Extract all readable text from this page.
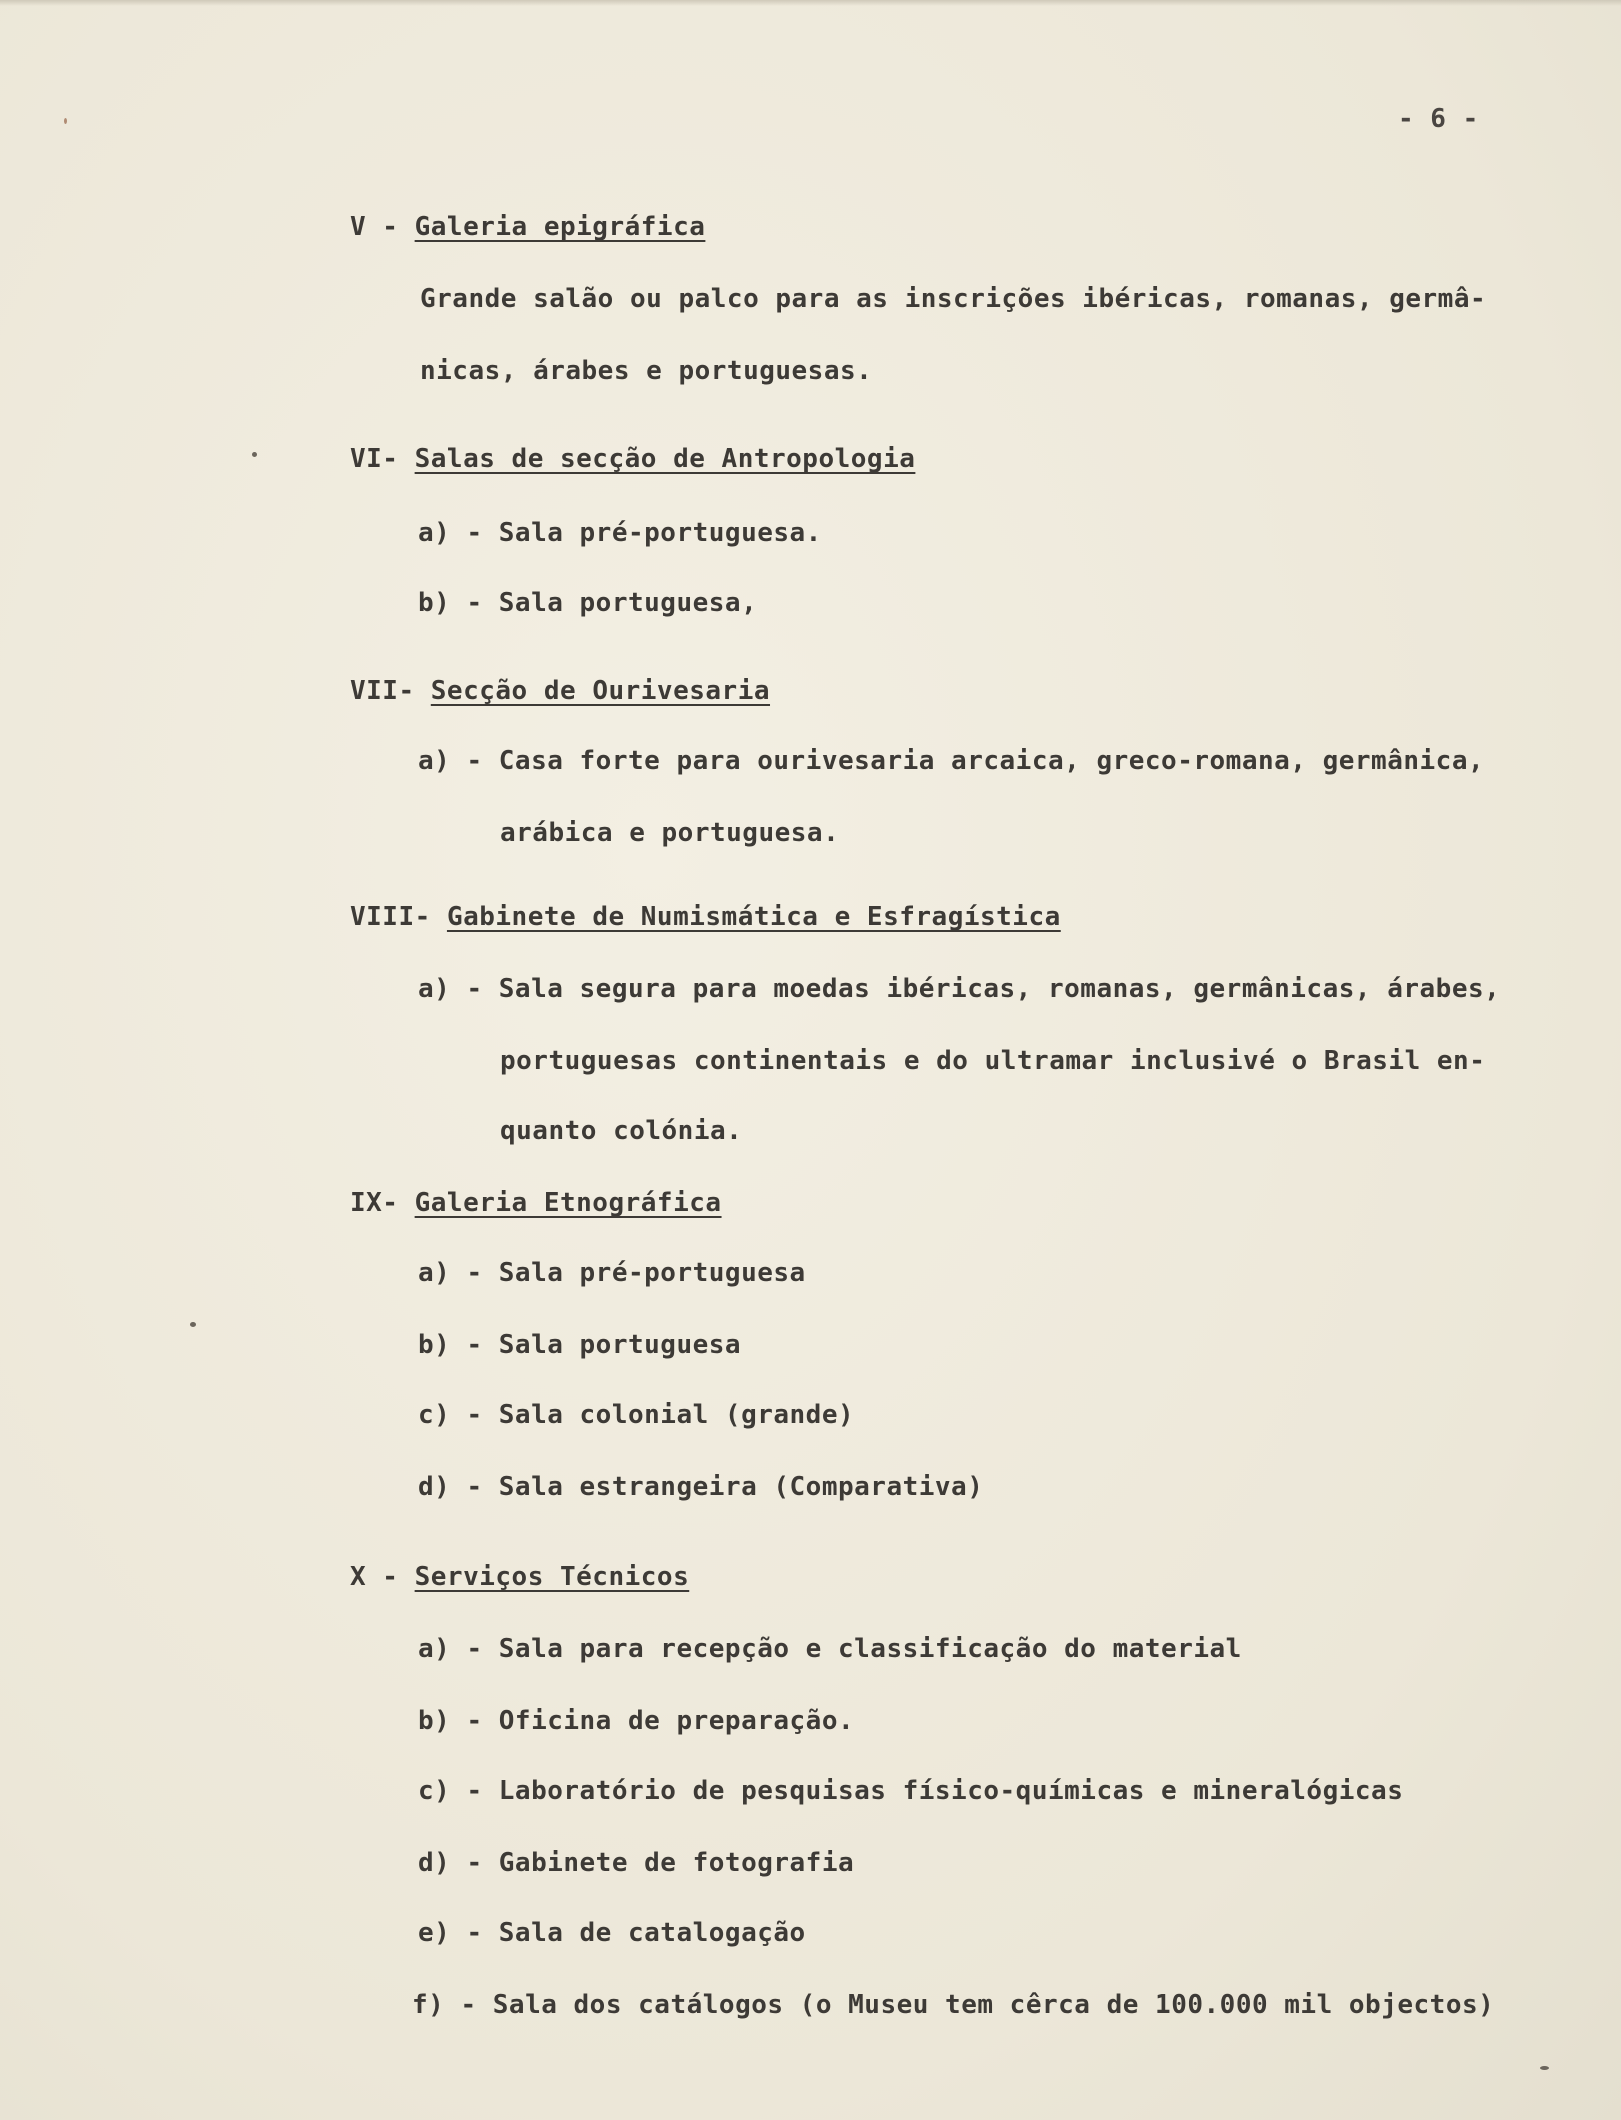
- 6 -
V - Galeria epigráfica
Grande salão ou palco para as inscrições ibéricas, romanas, germâ-
nicas, árabes e portuguesas.
VI- Salas de secção de Antropologia
a) - Sala pré-portuguesa.
b) - Sala portuguesa,
VII- Secção de Ourivesaria
a) - Casa forte para ourivesaria arcaica, greco-romana, germânica,
arábica e portuguesa.
VIII- Gabinete de Numismática e Esfragística
a) - Sala segura para moedas ibéricas, romanas, germânicas, árabes,
portuguesas continentais e do ultramar inclusivé o Brasil en-
quanto colónia.
IX- Galeria Etnográfica
a) - Sala pré-portuguesa
b) - Sala portuguesa
c) - Sala colonial (grande)
d) - Sala estrangeira (Comparativa)
X - Serviços Técnicos
a) - Sala para recepção e classificação do material
b) - Oficina de preparação.
c) - Laboratório de pesquisas físico-químicas e mineralógicas
d) - Gabinete de fotografia
e) - Sala de catalogação
f) - Sala dos catálogos (o Museu tem cêrca de 100.000 mil objectos)
